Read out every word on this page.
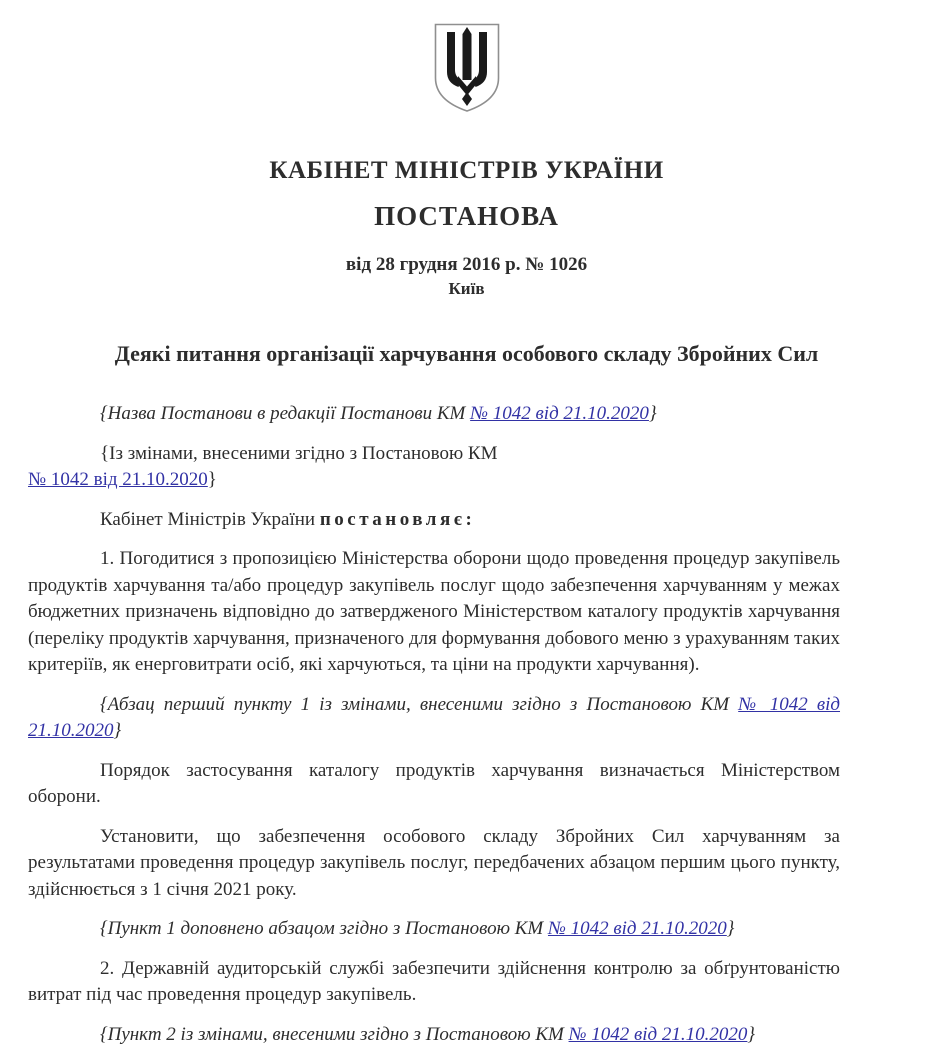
КАБІНЕТ МІНІСТРІВ УКРАЇНИ
ПОСТАНОВА
від 28 грудня 2016 р. № 1026
Київ
Деякі питання організації харчування особового складу Збройних Сил

{Назва Постанови в редакції Постанови КМ № 1042 від 21.10.2020}

{Із змінами, внесеними згідно з Постановою КМ
№ 1042 від 21.10.2020}

Кабінет Міністрів України постановляє:

1. Погодитися з пропозицією Міністерства оборони щодо проведення процедур закупівель продуктів харчування та/або процедур закупівель послуг щодо забезпечення харчуванням у межах бюджетних призначень відповідно до затвердженого Міністерством каталогу продуктів харчування (переліку продуктів харчування, призначеного для формування добового меню з урахуванням таких критеріїв, як енерговитрати осіб, які харчуються, та ціни на продукти харчування).

{Абзац перший пункту 1 із змінами, внесеними згідно з Постановою КМ № 1042 від 21.10.2020}

Порядок застосування каталогу продуктів харчування визначається Міністерством оборони.

Установити, що забезпечення особового складу Збройних Сил харчуванням за результатами проведення процедур закупівель послуг, передбачених абзацом першим цього пункту, здійснюється з 1 січня 2021 року.

{Пункт 1 доповнено абзацом згідно з Постановою КМ № 1042 від 21.10.2020}

2. Державній аудиторській службі забезпечити здійснення контролю за обґрунтованістю витрат під час проведення процедур закупівель.

{Пункт 2 із змінами, внесеними згідно з Постановою КМ № 1042 від 21.10.2020}
